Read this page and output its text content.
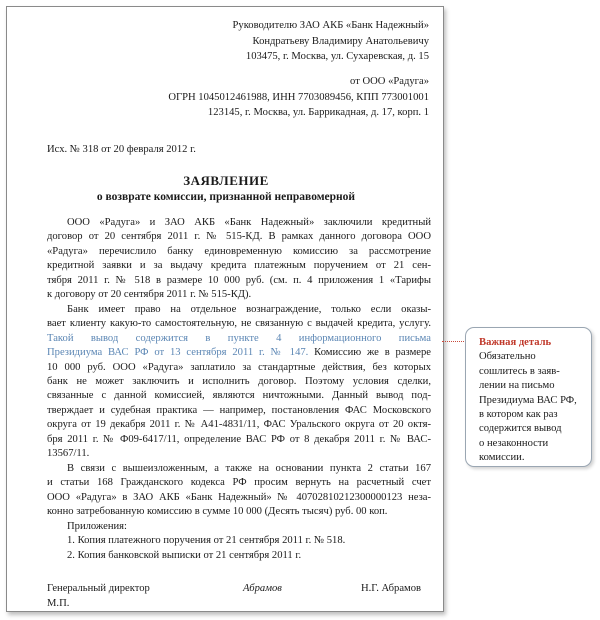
Руководителю ЗАО АКБ «Банк Надежный»
Кондратьеву Владимиру Анатольевичу
103475, г. Москва, ул. Сухаревская, д. 15
от ООО «Радуга»
ОГРН 1045012461988, ИНН 7703089456, КПП 773001001
123145, г. Москва, ул. Баррикадная, д. 17, корп. 1
Исх. № 318 от 20 февраля 2012 г.
ЗАЯВЛЕНИЕ
о возврате комиссии, признанной неправомерной
ООО «Радуга» и ЗАО АКБ «Банк Надежный» заключили кредитный
договор от 20 сентября 2011 г. № 515-КД. В рамках данного договора ООО
«Радуга» перечислило банку единовременную комиссию за рассмотрение
кредитной заявки и за выдачу кредита платежным поручением от 21 сен-
тября 2011 г. № 518 в размере 10 000 руб. (см. п. 4 приложения 1 «Тарифы
к договору от 20 сентября 2011 г. № 515-КД).
Банк имеет право на отдельное вознаграждение, только если оказы-
вает клиенту какую-то самостоятельную, не связанную с выдачей кредита, услугу.
Такой вывод содержится в пункте 4 информационного письма
Президиума ВАС РФ от 13 сентября 2011 г. № 147. Комиссию же в размере
10 000 руб. ООО «Радуга» заплатило за стандартные действия, без которых
банк не может заключить и исполнить договор. Поэтому условия сделки,
связанные с данной комиссией, являются ничтожными. Данный вывод под-
тверждает и судебная практика — например, постановления ФАС Московского
округа от 19 декабря 2011 г. № А41-4831/11, ФАС Уральского округа от 20 октя-
бря 2011 г. № Ф09-6417/11, определение ВАС РФ от 8 декабря 2011 г. № ВАС-
13567/11.
В связи с вышеизложенным, а также на основании пункта 2 статьи 167
и статьи 168 Гражданского кодекса РФ просим вернуть на расчетный счет
ООО «Радуга» в ЗАО АКБ «Банк Надежный» № 40702810212300000123 неза-
конно затребованную комиссию в сумме 10 000 (Десять тысяч) руб. 00 коп.
Приложения:
1. Копия платежного поручения от 21 сентября 2011 г. № 518.
2. Копия банковской выписки от 21 сентября 2011 г.
Генеральный директор
М.П.
Абрамов	Н.Г. Абрамов
Важная деталь
Обязательно
сошлитесь в заяв-
лении на письмо
Президиума ВАС РФ,
в котором как раз
содержится вывод
о незаконности
комиссии.
